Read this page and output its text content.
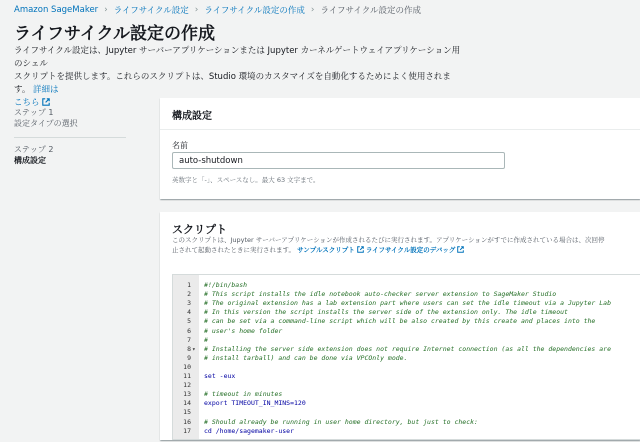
Amazon SageMaker › ライフサイクル設定 › ライフサイクル設定の作成 › ライフサイクル設定の作成
ライフサイクル設定の作成
ライフサイクル設定は、Jupyter サーバーアプリケーションまたは Jupyter カーネルゲートウェイアプリケーション用のシェル
スクリプトを提供します。これらのスクリプトは、Studio 環境のカスタマイズを自動化するためによく使用されます。 詳細は
こちら
ステップ 1
設定タイプの選択
ステップ 2
構成設定
構成設定
名前
auto-shutdown
英数字と「-」、スペースなし。最大 63 文字まで。
スクリプト
このスクリプトは、Jupyter サーバーアプリケーションが作成されるたびに実行されます。アプリケーションがすでに作成されている場合は、次回停
止されて起動されたときに実行されます。 サンプルスクリプト ライフサイクル設定のデバッグ
1 #!/bin/bash
2 # This script installs the idle notebook auto-checker server extension to SageMaker Studio
3 # The original extension has a lab extension part where users can set the idle timeout via a Jupyter Lab
4 # In this version the script installs the server side of the extension only. The idle timeout
5 # can be set via a command-line script which will be also created by this create and places into the
6 # user's home folder
7 #
8 ▾ # Installing the server side extension does not require Internet connection (as all the dependencies are
9 # install tarball) and can be done via VPCOnly mode.
10
11 set -eux
12
13 # timeout in minutes
14 export TIMEOUT_IN_MINS=120
15
16 # Should already be running in user home directory, but just to check:
17 cd /home/sagemaker-user
